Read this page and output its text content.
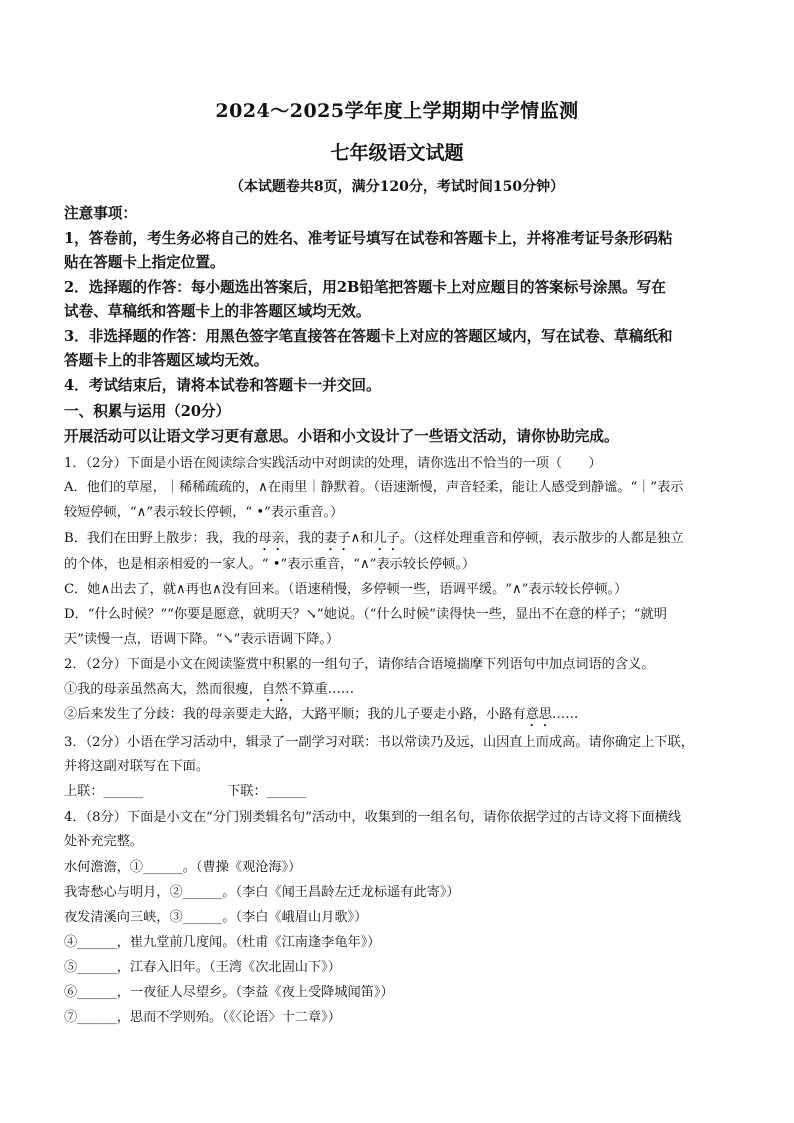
2024～2025学年度上学期期中学情监测
七年级语文试题
（本试题卷共8页，满分120分，考试时间150分钟）
注意事项：
1，答卷前，考生务必将自己的姓名、准考证号填写在试卷和答题卡上，并将准考证号条形码粘
贴在答题卡上指定位置。
2．选择题的作答：每小题选出答案后，用2B铅笔把答题卡上对应题目的答案标号涂黑。写在
试卷、草稿纸和答题卡上的非答题区域均无效。
3．非选择题的作答：用黑色签字笔直接答在答题卡上对应的答题区域内，写在试卷、草稿纸和
答题卡上的非答题区域均无效。
4．考试结束后，请将本试卷和答题卡一并交回。
一、积累与运用（20分）
开展活动可以让语文学习更有意思。小语和小文设计了一些语文活动，请你协助完成。
1．（2分）下面是小语在阅读综合实践活动中对朗读的处理，请你选出不恰当的一项（　　）
A．他们的草屋，｜稀稀疏疏的，∧在雨里｜静默着。（语速渐慢，声音轻柔，能让人感受到静谧。“｜”表示
较短停顿，“∧”表示较长停顿，“ •”表示重音。）
B．我们在田野上散步：我，我的母亲，我的妻子∧和儿子。（这样处理重音和停顿，表示散步的人都是独立
的个体，也是相亲相爱的一家人。“ •”表示重音，“∧”表示较长停顿。）
C．她∧出去了，就∧再也∧没有回来。（语速稍慢，多停顿一些，语调平缓。“∧”表示较长停顿。）
D．“什么时候？”“你要是愿意，就明天？↘”她说。（“什么时候”读得快一些，显出不在意的样子；“就明
天”读慢一点，语调下降。“↘”表示语调下降。）
2．（2分）下面是小文在阅读鉴赏中积累的一组句子，请你结合语境揣摩下列语句中加点词语的含义。
①我的母亲虽然高大，然而很瘦，自然不算重……
②后来发生了分歧：我的母亲要走大路，大路平顺；我的儿子要走小路，小路有意思……
3．（2分）小语在学习活动中，辑录了一副学习对联：书以常读乃及远，山因直上而成高。请你确定上下联，
并将这副对联写在下面。
上联：______	下联：______
4．（8分）下面是小文在“分门别类辑名句”活动中，收集到的一组名句，请你依据学过的古诗文将下面横线
处补充完整。
水何澹澹，①______。（曹操《观沧海》）
我寄愁心与明月，②______。（李白《闻王昌龄左迁龙标遥有此寄》）
夜发清溪向三峡，③______。（李白《峨眉山月歌》）
④______，崔九堂前几度闻。（杜甫《江南逢李龟年》）
⑤______，江春入旧年。（王湾《次北固山下》）
⑥______，一夜征人尽望乡。（李益《夜上受降城闻笛》）
⑦______，思而不学则殆。（《〈论语〉十二章》）
